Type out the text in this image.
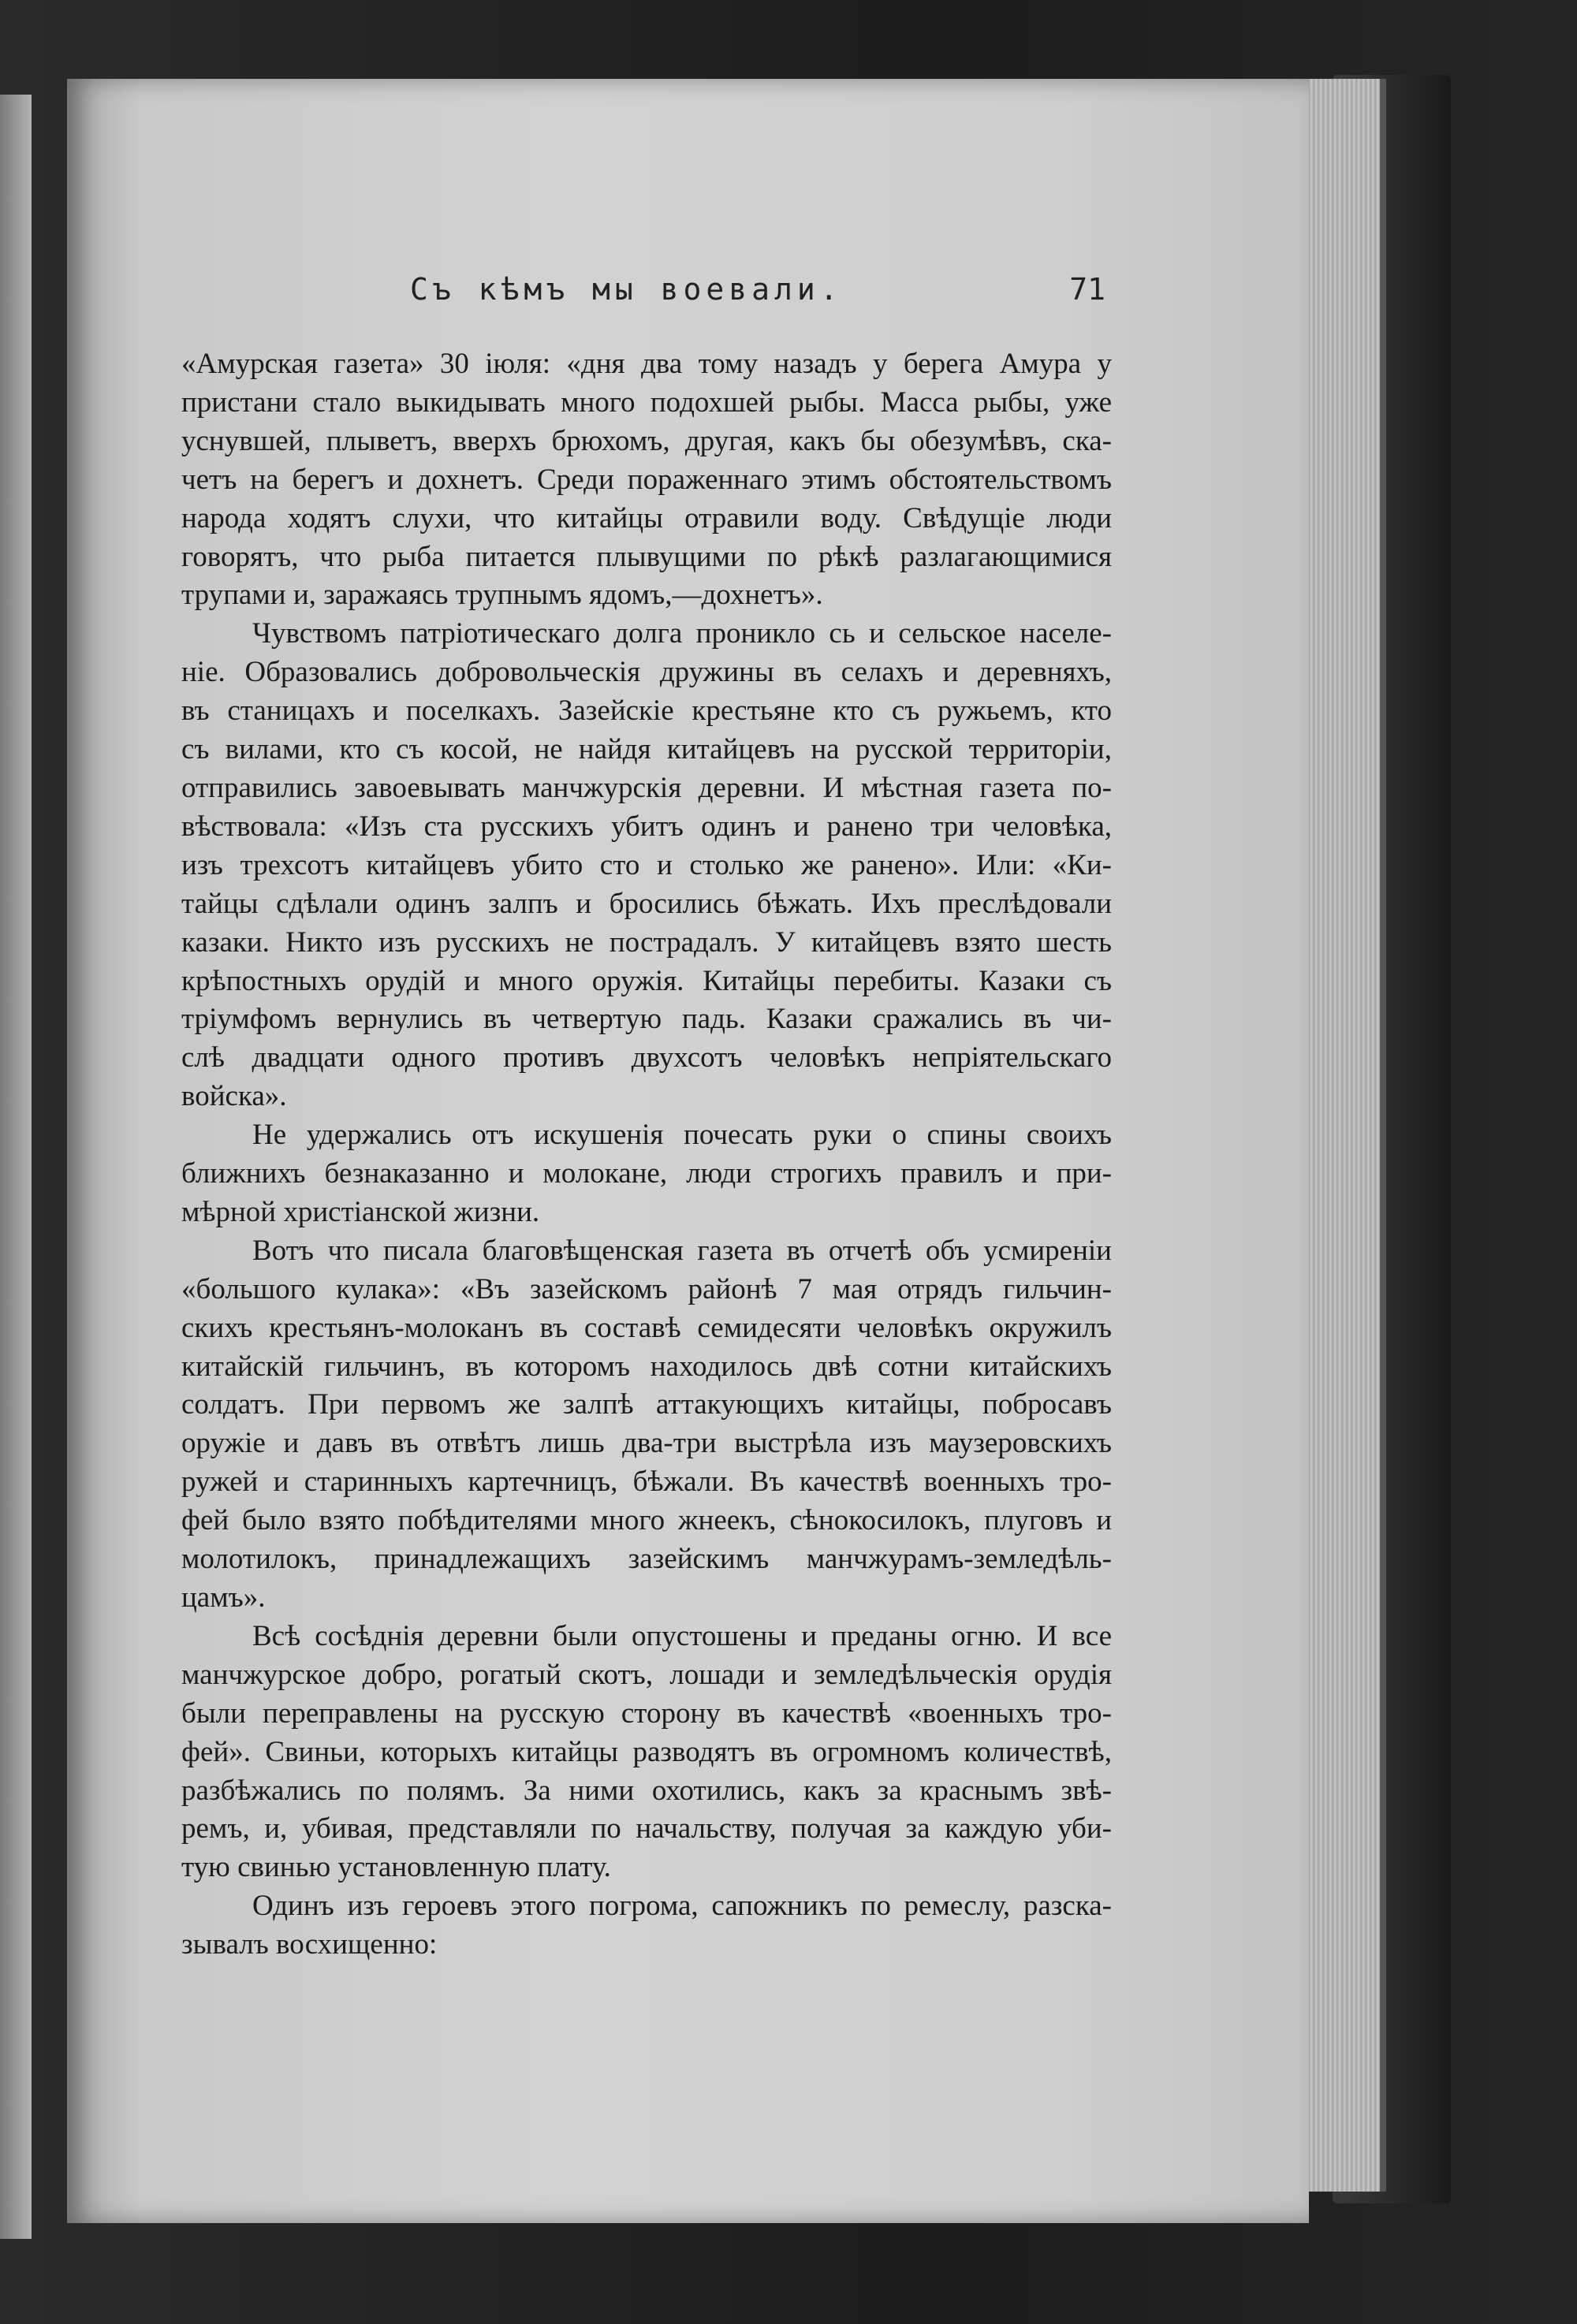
Съ кѣмъ мы воевали.	71
«Амурская газета» 30 іюля: «дня два тому назадъ у берега Амура у
пристани стало выкидывать много подохшей рыбы. Масса рыбы, уже
уснувшей, плыветъ, вверхъ брюхомъ, другая, какъ бы обезумѣвъ, ска-
четъ на берегъ и дохнетъ. Среди пораженнаго этимъ обстоятельствомъ
народа ходятъ слухи, что китайцы отравили воду. Свѣдущіе люди
говорятъ, что рыба питается плывущими по рѣкѣ разлагающимися
трупами и, заражаясь трупнымъ ядомъ,—дохнетъ».
Чувствомъ патріотическаго долга проникло сь и сельское населе-
ніе. Образовались добровольческія дружины въ селахъ и деревняхъ,
въ станицахъ и поселкахъ. Зазейскіе крестьяне кто съ ружьемъ, кто
съ вилами, кто съ косой, не найдя китайцевъ на русской территоріи,
отправились завоевывать манчжурскія деревни. И мѣстная газета по-
вѣствовала: «Изъ ста русскихъ убитъ одинъ и ранено три человѣка,
изъ трехсотъ китайцевъ убито сто и столько же ранено». Или: «Ки-
тайцы сдѣлали одинъ залпъ и бросились бѣжать. Ихъ преслѣдовали
казаки. Никто изъ русскихъ не пострадалъ. У китайцевъ взято шесть
крѣпостныхъ орудій и много оружія. Китайцы перебиты. Казаки съ
тріумфомъ вернулись въ четвертую падь. Казаки сражались въ чи-
слѣ двадцати одного противъ двухсотъ человѣкъ непріятельскаго
войска».
Не удержались отъ искушенія почесать руки о спины своихъ
ближнихъ безнаказанно и молокане, люди строгихъ правилъ и при-
мѣрной христіанской жизни.
Вотъ что писала благовѣщенская газета въ отчетѣ объ усмиреніи
«большого кулака»: «Въ зазейскомъ районѣ 7 мая отрядъ гильчин-
скихъ крестьянъ-молоканъ въ составѣ семидесяти человѣкъ окружилъ
китайскій гильчинъ, въ которомъ находилось двѣ сотни китайскихъ
солдатъ. При первомъ же залпѣ аттакующихъ китайцы, побросавъ
оружіе и давъ въ отвѣтъ лишь два-три выстрѣла изъ маузеровскихъ
ружей и старинныхъ картечницъ, бѣжали. Въ качествѣ военныхъ тро-
фей было взято побѣдителями много жнеекъ, сѣнокосилокъ, плуговъ и
молотилокъ, принадлежащихъ зазейскимъ манчжурамъ-земледѣль-
цамъ».
Всѣ сосѣднія деревни были опустошены и преданы огню. И все
манчжурское добро, рогатый скотъ, лошади и земледѣльческія орудія
были переправлены на русскую сторону въ качествѣ «военныхъ тро-
фей». Свиньи, которыхъ китайцы разводятъ въ огромномъ количествѣ,
разбѣжались по полямъ. За ними охотились, какъ за краснымъ звѣ-
ремъ, и, убивая, представляли по начальству, получая за каждую уби-
тую свинью установленную плату.
Одинъ изъ героевъ этого погрома, сапожникъ по ремеслу, разска-
зывалъ восхищенно:
